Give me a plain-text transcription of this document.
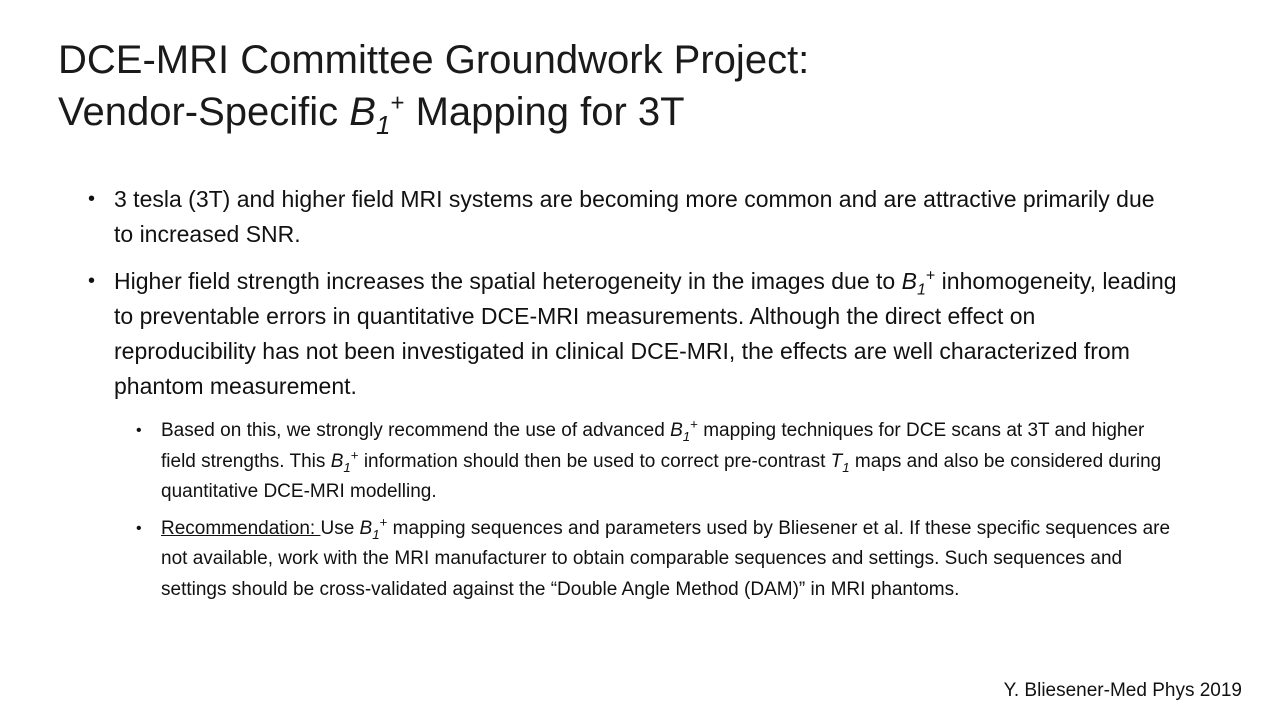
DCE-MRI Committee Groundwork Project:
Vendor-Specific $B_1^+$ Mapping for 3T
• 3 tesla (3T) and higher field MRI systems are becoming more common and are attractive primarily due to increased SNR.
• Higher field strength increases the spatial heterogeneity in the images due to $B_1^+$ inhomogeneity, leading to preventable errors in quantitative DCE-MRI measurements. Although the direct effect on reproducibility has not been investigated in clinical DCE-MRI, the effects are well characterized from phantom measurement.
• Based on this, we strongly recommend the use of advanced $B_1^+$ mapping techniques for DCE scans at 3T and higher field strengths. This $B_1^+$ information should then be used to correct pre-contrast $T_1$ maps and also be considered during quantitative DCE-MRI modelling.
• Recommendation: Use $B_1^+$ mapping sequences and parameters used by Bliesener et al. If these specific sequences are not available, work with the MRI manufacturer to obtain comparable sequences and settings. Such sequences and settings should be cross-validated against the “Double Angle Method (DAM)” in MRI phantoms.
Y. Bliesener-Med Phys 2019
